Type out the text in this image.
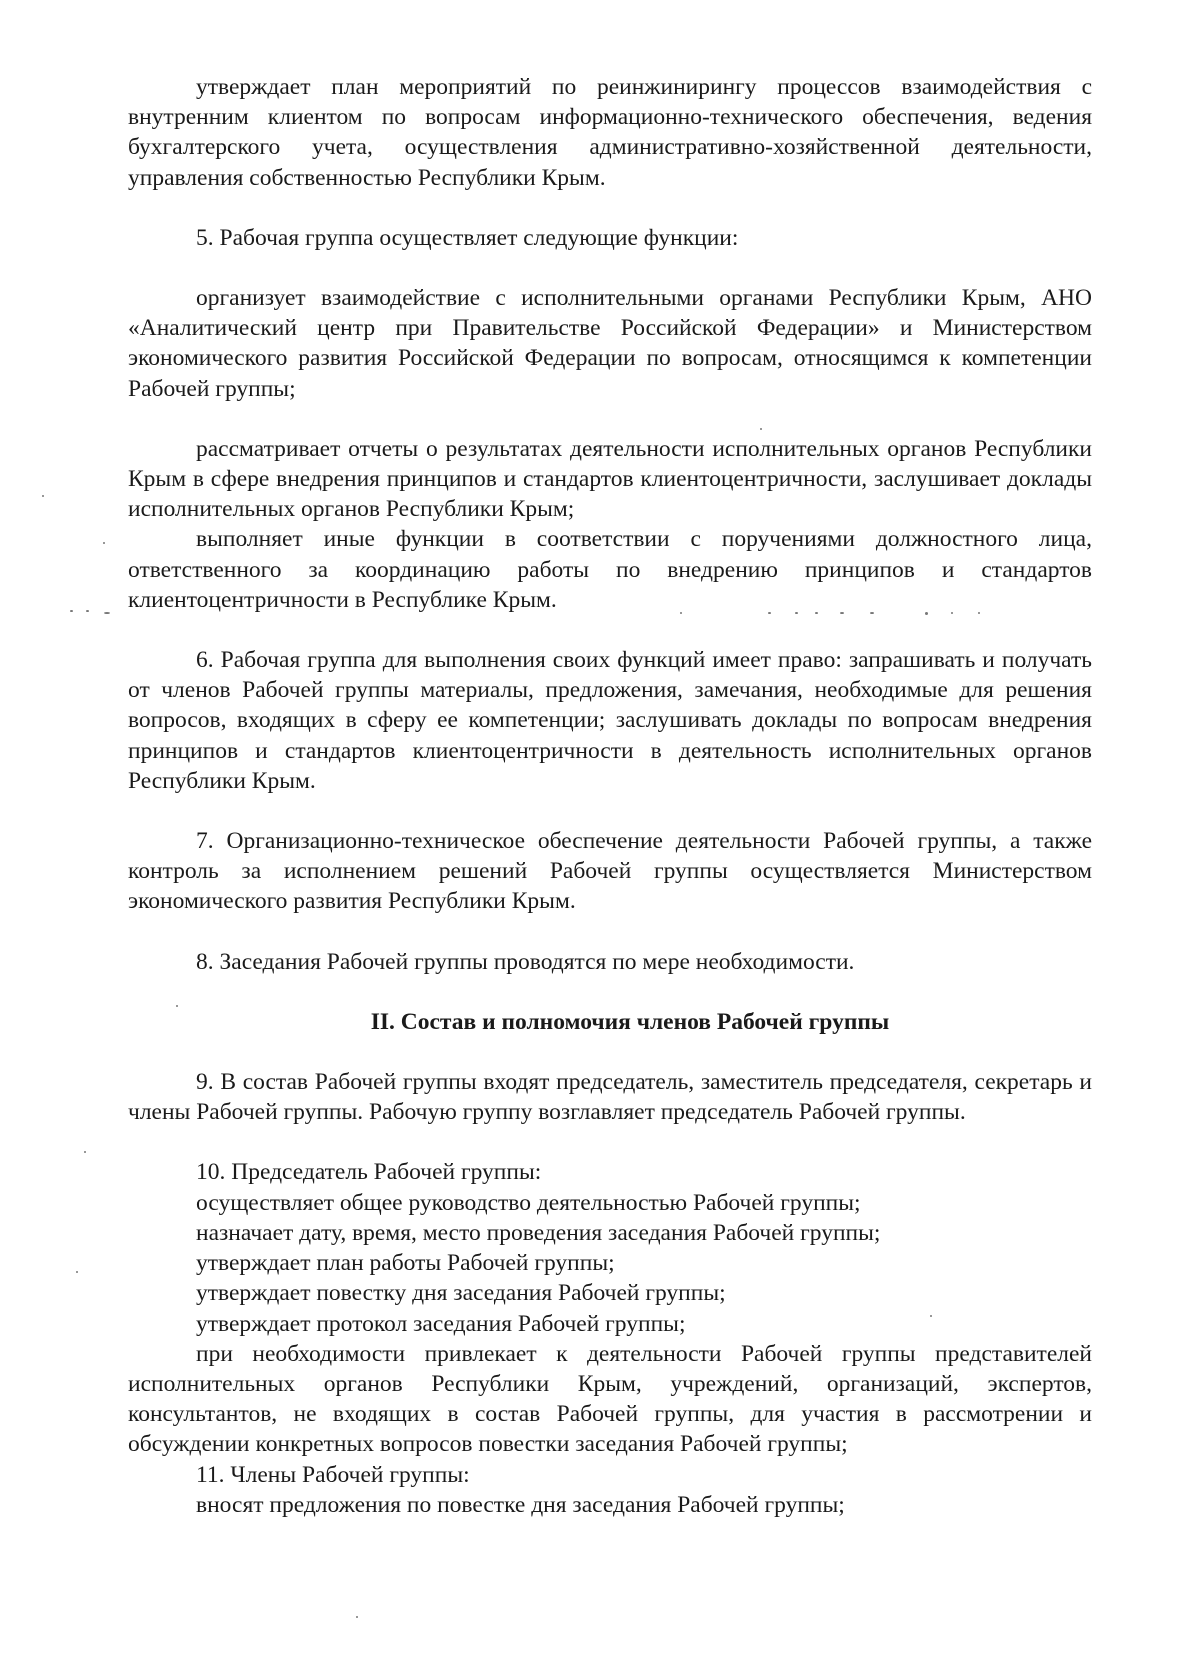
утверждает план мероприятий по реинжинирингу процессов взаимодействия с внутренним клиентом по вопросам информационно-технического обеспечения, ведения бухгалтерского учета, осуществления административно-хозяйственной деятельности, управления собственностью Республики Крым.

5. Рабочая группа осуществляет следующие функции:

организует взаимодействие с исполнительными органами Республики Крым, АНО «Аналитический центр при Правительстве Российской Федерации» и Министерством экономического развития Российской Федерации по вопросам, относящимся к компетенции Рабочей группы;

рассматривает отчеты о результатах деятельности исполнительных органов Республики Крым в сфере внедрения принципов и стандартов клиентоцентричности, заслушивает доклады исполнительных органов Республики Крым;

выполняет иные функции в соответствии с поручениями должностного лица, ответственного за координацию работы по внедрению принципов и стандартов клиентоцентричности в Республике Крым.

6. Рабочая группа для выполнения своих функций имеет право: запрашивать и получать от членов Рабочей группы материалы, предложения, замечания, необходимые для решения вопросов, входящих в сферу ее компетенции; заслушивать доклады по вопросам внедрения принципов и стандартов клиентоцентричности в деятельность исполнительных органов Республики Крым.

7. Организационно-техническое обеспечение деятельности Рабочей группы, а также контроль за исполнением решений Рабочей группы осуществляется Министерством экономического развития Республики Крым.

8. Заседания Рабочей группы проводятся по мере необходимости.

II. Состав и полномочия членов Рабочей группы

9. В состав Рабочей группы входят председатель, заместитель председателя, секретарь и члены Рабочей группы. Рабочую группу возглавляет председатель Рабочей группы.

10. Председатель Рабочей группы:

осуществляет общее руководство деятельностью Рабочей группы;

назначает дату, время, место проведения заседания Рабочей группы;

утверждает план работы Рабочей группы;

утверждает повестку дня заседания Рабочей группы;

утверждает протокол заседания Рабочей группы;

при необходимости привлекает к деятельности Рабочей группы представителей исполнительных органов Республики Крым, учреждений, организаций, экспертов, консультантов, не входящих в состав Рабочей группы, для участия в рассмотрении и обсуждении конкретных вопросов повестки заседания Рабочей группы;

11. Члены Рабочей группы:

вносят предложения по повестке дня заседания Рабочей группы;
